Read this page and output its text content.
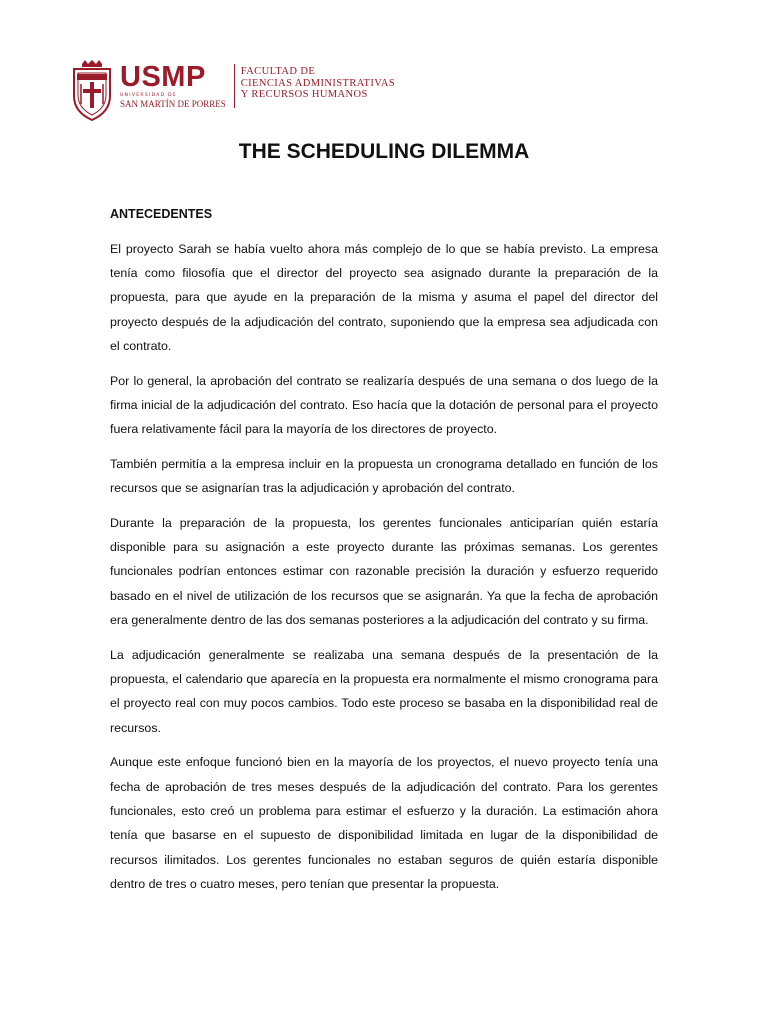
USMP
UNIVERSIDAD DE
SAN MARTÍN DE PORRES
FACULTAD DE
CIENCIAS ADMINISTRATIVAS
Y RECURSOS HUMANOS
THE SCHEDULING DILEMMA
ANTECEDENTES

El proyecto Sarah se había vuelto ahora más complejo de lo que se había previsto. La empresa tenía como filosofía que el director del proyecto sea asignado durante la preparación de la propuesta, para que ayude en la preparación de la misma y asuma el papel del director del proyecto después de la adjudicación del contrato, suponiendo que la empresa sea adjudicada con el contrato.

Por lo general, la aprobación del contrato se realizaría después de una semana o dos luego de la firma inicial de la adjudicación del contrato. Eso hacía que la dotación de personal para el proyecto fuera relativamente fácil para la mayoría de los directores de proyecto.

También permitía a la empresa incluir en la propuesta un cronograma detallado en función de los recursos que se asignarían tras la adjudicación y aprobación del contrato.

Durante la preparación de la propuesta, los gerentes funcionales anticiparían quién estaría disponible para su asignación a este proyecto durante las próximas semanas. Los gerentes funcionales podrían entonces estimar con razonable precisión la duración y esfuerzo requerido basado en el nivel de utilización de los recursos que se asignarán. Ya que la fecha de aprobación era generalmente dentro de las dos semanas posteriores a la adjudicación del contrato y su firma.

La adjudicación generalmente se realizaba una semana después de la presentación de la propuesta, el calendario que aparecía en la propuesta era normalmente el mismo cronograma para el proyecto real con muy pocos cambios. Todo este proceso se basaba en la disponibilidad real de recursos.

Aunque este enfoque funcionó bien en la mayoría de los proyectos, el nuevo proyecto tenía una fecha de aprobación de tres meses después de la adjudicación del contrato. Para los gerentes funcionales, esto creó un problema para estimar el esfuerzo y la duración. La estimación ahora tenía que basarse en el supuesto de disponibilidad limitada en lugar de la disponibilidad de recursos ilimitados. Los gerentes funcionales no estaban seguros de quién estaría disponible dentro de tres o cuatro meses, pero tenían que presentar la propuesta.
